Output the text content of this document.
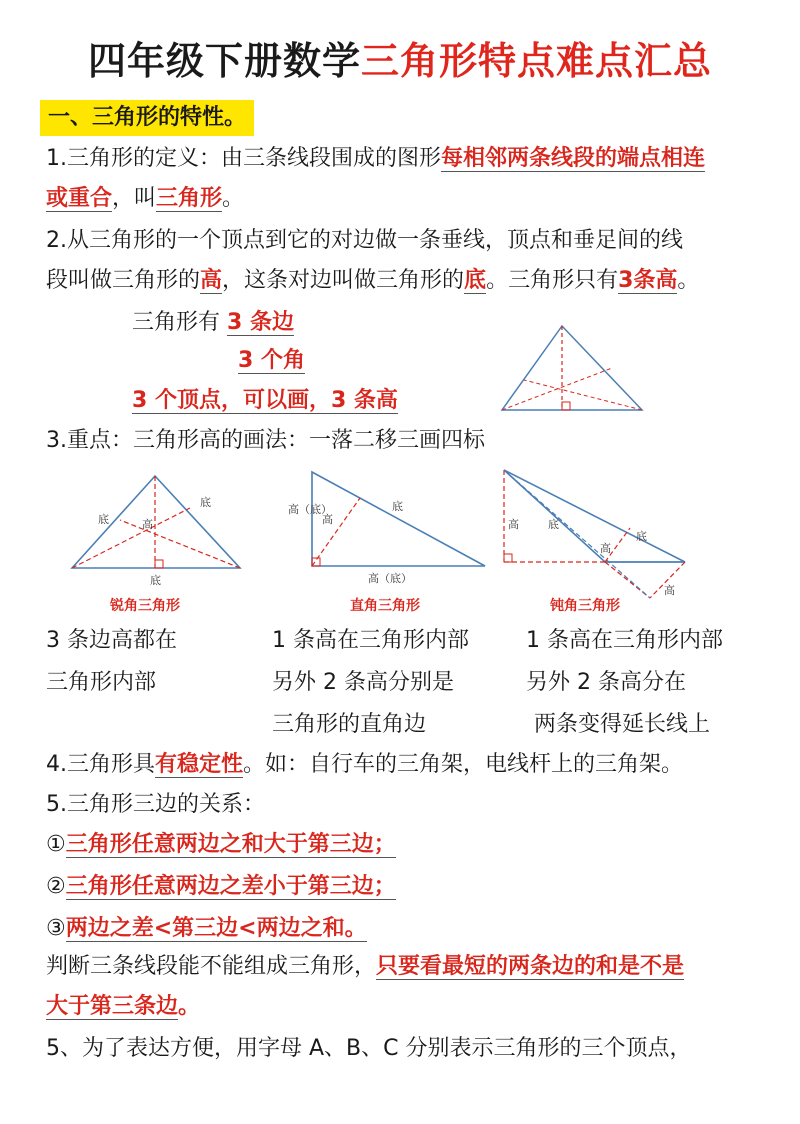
四年级下册数学三角形特点难点汇总
一、三角形的特性。
1.三角形的定义：由三条线段围成的图形每相邻两条线段的端点相连
或重合，叫三角形。
2.从三角形的一个顶点到它的对边做一条垂线，顶点和垂足间的线
段叫做三角形的高，这条对边叫做三角形的底。三角形只有3条高。
三角形有 3 条边
3 个角
3 个顶点，可以画，3 条高
3.重点：三角形高的画法：一落二移三画四标
底
底
高
底
锐角三角形
高（底）
高
底
高（底）
直角三角形
高	底
高
底
高
钝角三角形
3 条边高都在
三角形内部
1 条高在三角形内部
另外 2 条高分别是
三角形的直角边
1 条高在三角形内部
另外 2 条高分在
两条变得延长线上
4.三角形具有稳定性。如：自行车的三角架，电线杆上的三角架。
5.三角形三边的关系：
①三角形任意两边之和大于第三边；
②三角形任意两边之差小于第三边；
③两边之差<第三边<两边之和。
判断三条线段能不能组成三角形，只要看最短的两条边的和是不是
大于第三条边。
5、为了表达方便，用字母 A、B、C 分别表示三角形的三个顶点，
